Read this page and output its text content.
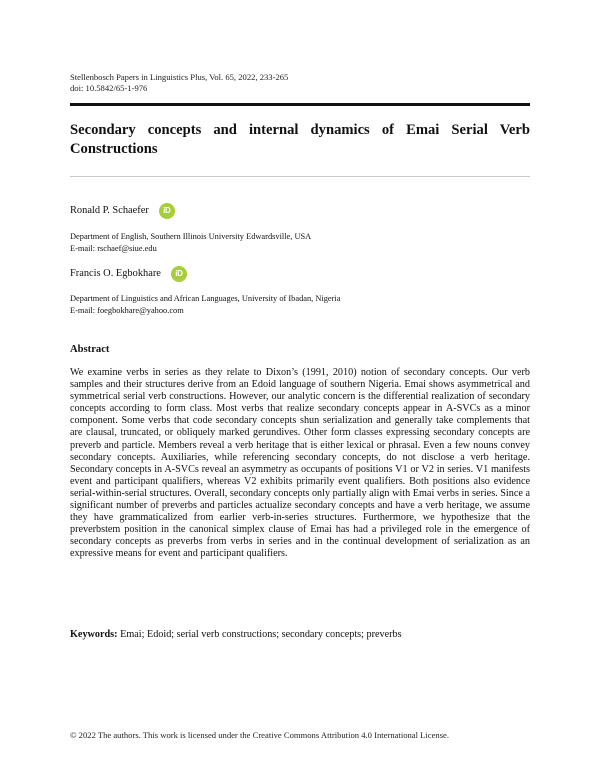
Stellenbosch Papers in Linguistics Plus, Vol. 65, 2022, 233-265
doi: 10.5842/65-1-976
Secondary concepts and internal dynamics of Emai Serial Verb Constructions
Ronald P. Schaefer	iD
Department of English, Southern Illinois University Edwardsville, USA
E-mail: rschaef@siue.edu
Francis O. Egbokhare	iD
Department of Linguistics and African Languages, University of Ibadan, Nigeria
E-mail: foegbokhare@yahoo.com
Abstract

We examine verbs in series as they relate to Dixon’s (1991, 2010) notion of secondary concepts. Our verb samples and their structures derive from an Edoid language of southern Nigeria. Emai shows asymmetrical and symmetrical serial verb constructions. However, our analytic concern is the differential realization of secondary concepts according to form class. Most verbs that realize secondary concepts appear in A-SVCs as a minor component. Some verbs that code secondary concepts shun serialization and generally take complements that are clausal, truncated, or obliquely marked gerundives. Other form classes expressing secondary concepts are preverb and particle. Members reveal a verb heritage that is either lexical or phrasal. Even a few nouns convey secondary concepts. Auxiliaries, while referencing secondary concepts, do not disclose a verb heritage. Secondary concepts in A-SVCs reveal an asymmetry as occupants of positions V1 or V2 in series. V1 manifests event and participant qualifiers, whereas V2 exhibits primarily event qualifiers. Both positions also evidence serial-within-serial structures. Overall, secondary concepts only partially align with Emai verbs in series. Since a significant number of preverbs and particles actualize secondary concepts and have a verb heritage, we assume they have grammaticalized from earlier verb-in-series structures. Furthermore, we hypothesize that the preverbstem position in the canonical simplex clause of Emai has had a privileged role in the emergence of secondary concepts as preverbs from verbs in series and in the continual development of serialization as an expressive means for event and participant qualifiers.

Keywords: Emai; Edoid; serial verb constructions; secondary concepts; preverbs
© 2022 The authors. This work is licensed under the Creative Commons Attribution 4.0 International License.
